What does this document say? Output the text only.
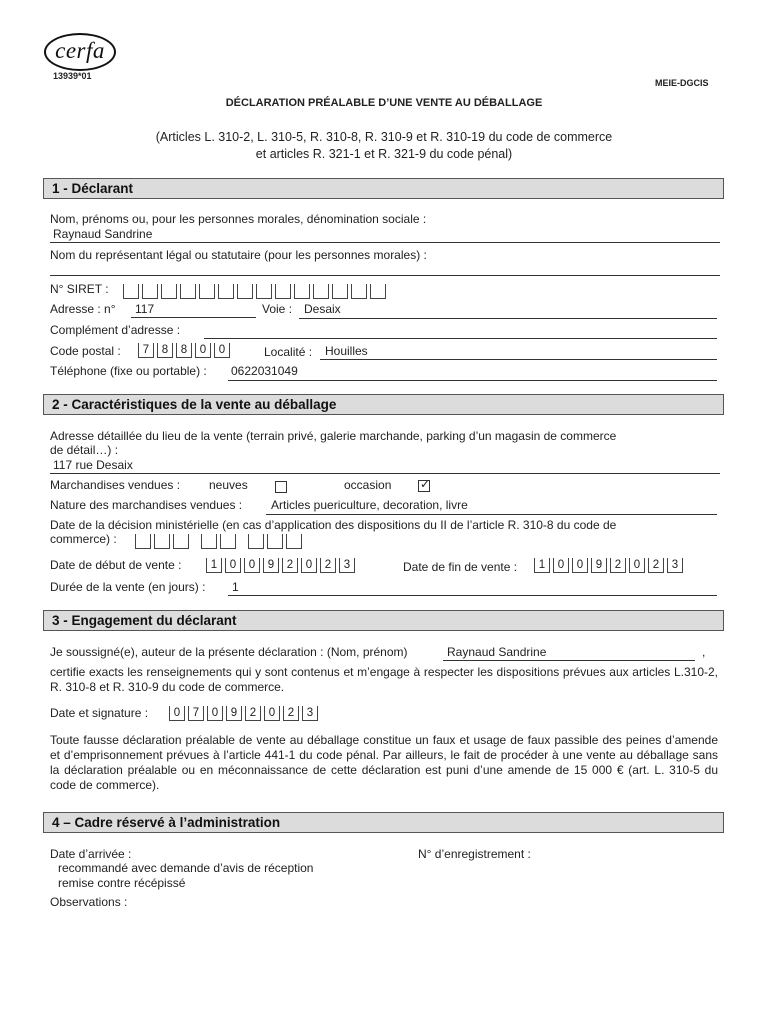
cerfa
13939*01
MEIE-DGCIS
DÉCLARATION PRÉALABLE D’UNE VENTE AU DÉBALLAGE
(Articles L. 310-2, L. 310-5, R. 310-8, R. 310-9 et R. 310-19 du code de commerce
et articles R. 321-1 et R. 321-9 du code pénal)
1 - Déclarant
Nom, prénoms ou, pour les personnes morales, dénomination sociale :
Raynaud Sandrine
Nom du représentant légal ou statutaire (pour les personnes morales) :
N° SIRET :
Adresse : n° 117	Voie : Desaix
Complément d’adresse :
Code postal :	7	8	8	0	0	Localité : Houilles
Téléphone (fixe ou portable) : 0622031049
2 - Caractéristiques de la vente au déballage
Adresse détaillée du lieu de la vente (terrain privé, galerie marchande, parking d’un magasin de commerce
de détail…) :
117 rue Desaix
Marchandises vendues : neuves	occasion ✓
Nature des marchandises vendues : Articles puericulture, decoration, livre
Date de la décision ministérielle (en cas d’application des dispositions du II de l’article R. 310-8 du code de
commerce) :
Date de début de vente :	1	0	0	9	2	0	2	3	Date de fin de vente :	1	0	0	9	2	0	2	3
Durée de la vente (en jours) : 1
3 - Engagement du déclarant
Je soussigné(e), auteur de la présente déclaration : (Nom, prénom)	Raynaud Sandrine	,
certifie exacts les renseignements qui y sont contenus et m’engage à respecter les dispositions prévues aux articles L.310-2, R. 310-8 et R. 310-9 du code de commerce.
Date et signature :	0	7	0	9	2	0	2	3
Toute fausse déclaration préalable de vente au déballage constitue un faux et usage de faux passible des peines d’amende et d’emprisonnement prévues à l’article 441-1 du code pénal. Par ailleurs, le fait de procéder à une vente au déballage sans la déclaration préalable ou en méconnaissance de cette déclaration est puni d’une amende de 15 000 € (art. L. 310-5 du code de commerce).
4 – Cadre réservé à l’administration
Date d’arrivée :
recommandé avec demande d’avis de réception
remise contre récépissé
N° d’enregistrement :
Observations :
